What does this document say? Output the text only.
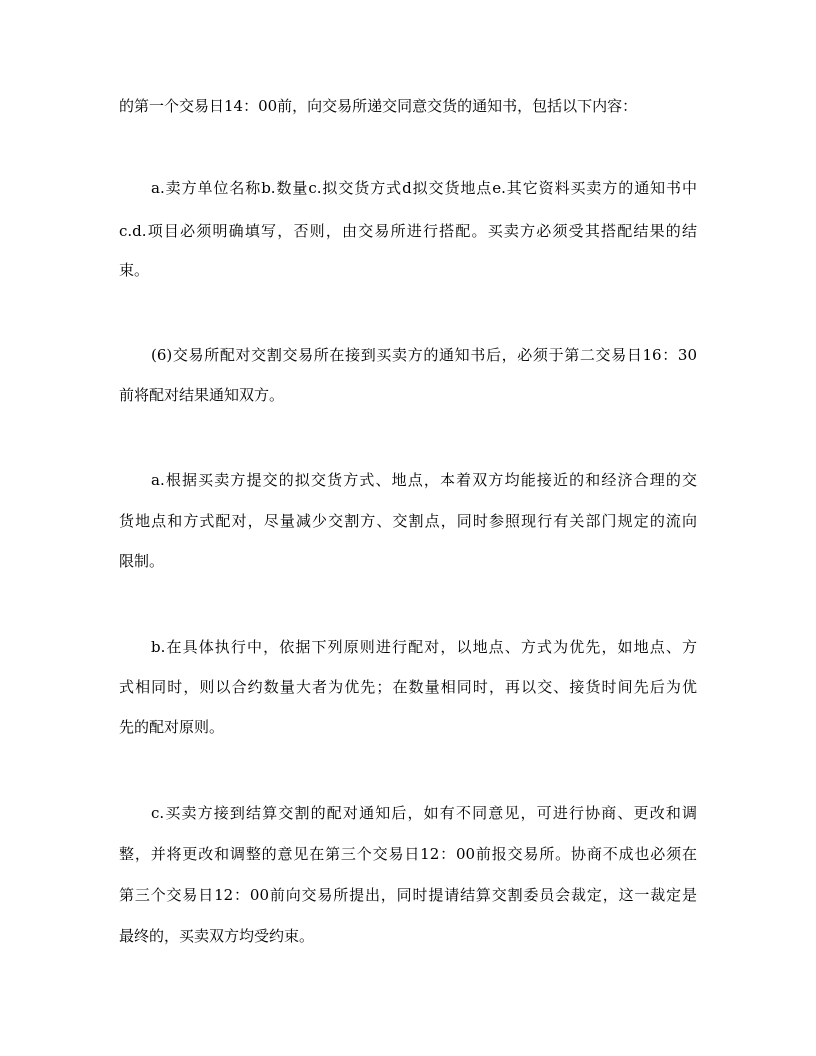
的第一个交易日14：00前，向交易所递交同意交货的通知书，包括以下内容：
a.卖方单位名称b.数量c.拟交货方式d拟交货地点e.其它资料买卖方的通知书中
c.d.项目必须明确填写，否则，由交易所进行搭配。买卖方必须受其搭配结果的结
束。
(6)交易所配对交割交易所在接到买卖方的通知书后，必须于第二交易日16：30
前将配对结果通知双方。
a.根据买卖方提交的拟交货方式、地点，本着双方均能接近的和经济合理的交
货地点和方式配对，尽量减少交割方、交割点，同时参照现行有关部门规定的流向
限制。
b.在具体执行中，依据下列原则进行配对，以地点、方式为优先，如地点、方
式相同时，则以合约数量大者为优先；在数量相同时，再以交、接货时间先后为优
先的配对原则。
c.买卖方接到结算交割的配对通知后，如有不同意见，可进行协商、更改和调
整，并将更改和调整的意见在第三个交易日12：00前报交易所。协商不成也必须在
第三个交易日12：00前向交易所提出，同时提请结算交割委员会裁定，这一裁定是
最终的，买卖双方均受约束。
